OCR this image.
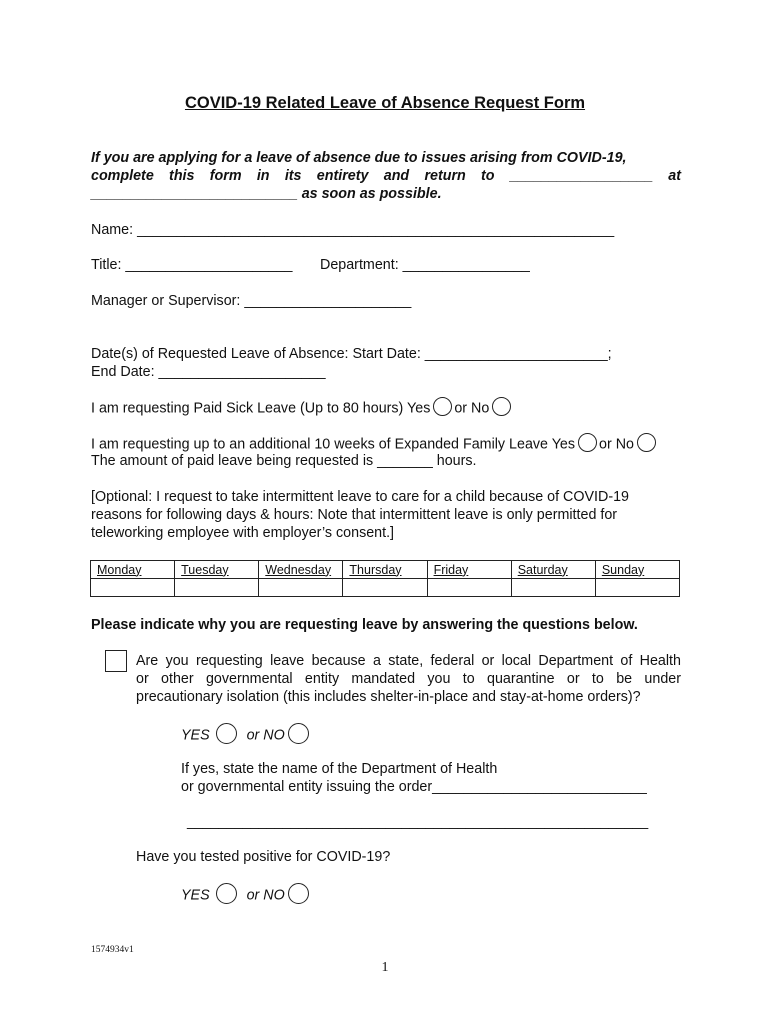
COVID-19 Related Leave of Absence Request Form
If you are applying for a leave of absence due to issues arising from COVID-19,
complete this form in its entirety and return to __________________ at
__________________________ as soon as possible.
Name: ____________________________________________________________
Title: _____________________ Department: ________________
Manager or Supervisor: _____________________
Date(s) of Requested Leave of Absence: Start Date: _______________________;
End Date: _____________________
I am requesting Paid Sick Leave (Up to 80 hours) Yes or No
I am requesting up to an additional 10 weeks of Expanded Family Leave Yes or No
The amount of paid leave being requested is _______ hours.
[Optional: I request to take intermittent leave to care for a child because of COVID-19
reasons for following days & hours: Note that intermittent leave is only permitted for
teleworking employee with employer’s consent.]
Monday	Tuesday	Wednesday	Thursday	Friday	Saturday	Sunday

Please indicate why you are requesting leave by answering the questions below.
Are you requesting leave because a state, federal or local Department of Health
or other governmental entity mandated you to quarantine or to be under
precautionary isolation (this includes shelter-in-place and stay-at-home orders)?
YES	or NO
If yes, state the name of the Department of Health
or governmental entity issuing the order___________________________
__________________________________________________________
Have you tested positive for COVID-19?
YES	or NO
1574934v1
1
